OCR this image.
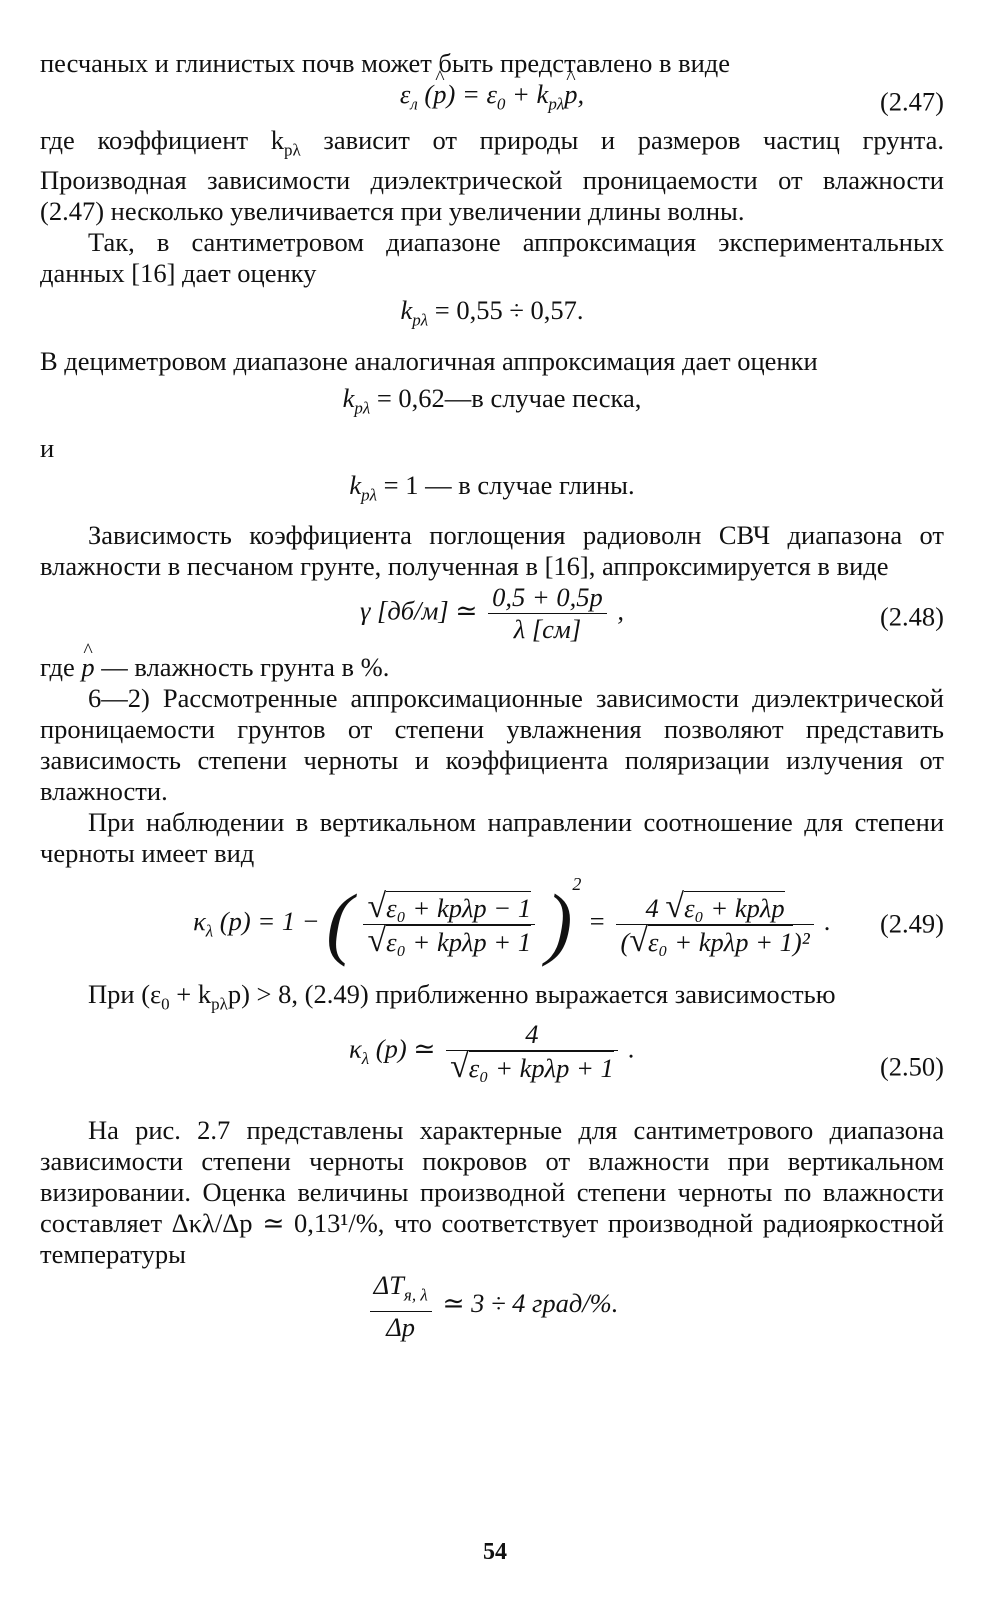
песчаных и глинистых почв может быть представлено в виде

$\varepsilon_л$ (^ $p) = \varepsilon_0$ + $k_{p\lambda}\^{}$ p,	(2.47)

где коэффициент $k_{p\lambda}$ зависит от природы и размеров частиц грунта. Производная зависимости диэлектрической проницаемости от влажности (2.47) несколько увеличивается при увеличении длины волны.

Так, в сантиметровом диапазоне аппроксимация экспериментальных данных [16] дает оценку

$k_{p\lambda} = 0,55 \div 0,57$.

В дециметровом диапазоне аналогичная аппроксимация дает оценки

$k_{p\lambda}$ = 0,62—в случае песка,

и

$k_{p\lambda} = 1$ — в случае глины.

Зависимость коэффициента поглощения радиоволн СВЧ диапазона от влажности в песчаном грунте, полученная в [16], аппроксимируется в виде

γ [дб/м] ≃ $\frac{0,5 + 0,5p}{\lambda [см]}$ ,	(2.48)

где ^ p — влажность грунта в %.

6—2) Рассмотренные аппроксимационные зависимости диэлектрической проницаемости грунтов от степени увлажнения позволяют представить зависимость степени черноты и коэффициента поляризации излучения от влажности.

При наблюдении в вертикальном направлении соотношение для степени черноты имеет вид

$\kappa_\lambda$ (p) = 1 − ( $\frac{\text{√ε₀ + kpλp − 1}}{\text{√ε₀ + kpλp + 1}} )^2 = \frac{\text{4 √ε₀ + kpλp}}{\text{(√ε₀ + kpλp + 1)²}}$ . (2.49)

При $(\varepsilon_0 + k_{p\lambda}p) > 8$, (2.49) приближенно выражается зависимостью

$\kappa_\lambda$ (p) ≃ $\frac{4}{\text{√ε₀ + kpλp + 1}}$ .
(2.50)

На рис. 2.7 представлены характерные для сантиметрового диапазона зависимости степени черноты покровов от влажности при вертикальном визировании. Оценка величины производной степени черноты по влажности составляет Δκλ/Δp ≃ 0,13¹/%, что соответствует производной радиояркостной температуры

$\frac{\Delta T_{я, \lambda}}{\Delta p}$ ≃ 3 ÷ 4 град/%.
54
